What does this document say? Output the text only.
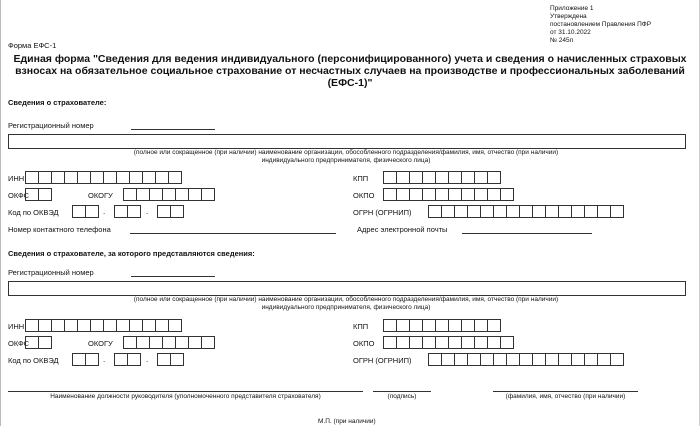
Приложение 1
Утверждена
постановлением Правления ПФР
от 31.10.2022
№ 245п
Форма ЕФС-1
Единая форма "Сведения для ведения индивидуального (персонифицированного) учета и сведения о начисленных страховых взносах на обязательное социальное страхование от несчастных случаев на производстве и профессиональных заболеваний (ЕФС-1)"
Сведения о страхователе:
Регистрационный номер
(полное или сокращенное (при наличии) наименование организации, обособленного подразделения/фамилия, имя, отчество (при наличии)
индивидуального предпринимателя, физического лица)
ИНН	КПП
ОКФС	ОКОГУ	ОКПО
Код по ОКВЭД	.	.	ОГРН (ОГРНИП)
Номер контактного телефона	Адрес электронной почты
Сведения о страхователе, за которого представляются сведения:
Регистрационный номер
(полное или сокращенное (при наличии) наименование организации, обособленного подразделения/фамилия, имя, отчество (при наличии)
индивидуального предпринимателя, физического лица)
ИНН	КПП
ОКФС	ОКОГУ	ОКПО
Код по ОКВЭД	.	.	ОГРН (ОГРНИП)
Наименование должности руководителя (уполномоченного представителя страхователя)	(подпись)	(фамилия, имя, отчество (при наличии)
М.П. (при наличии)
